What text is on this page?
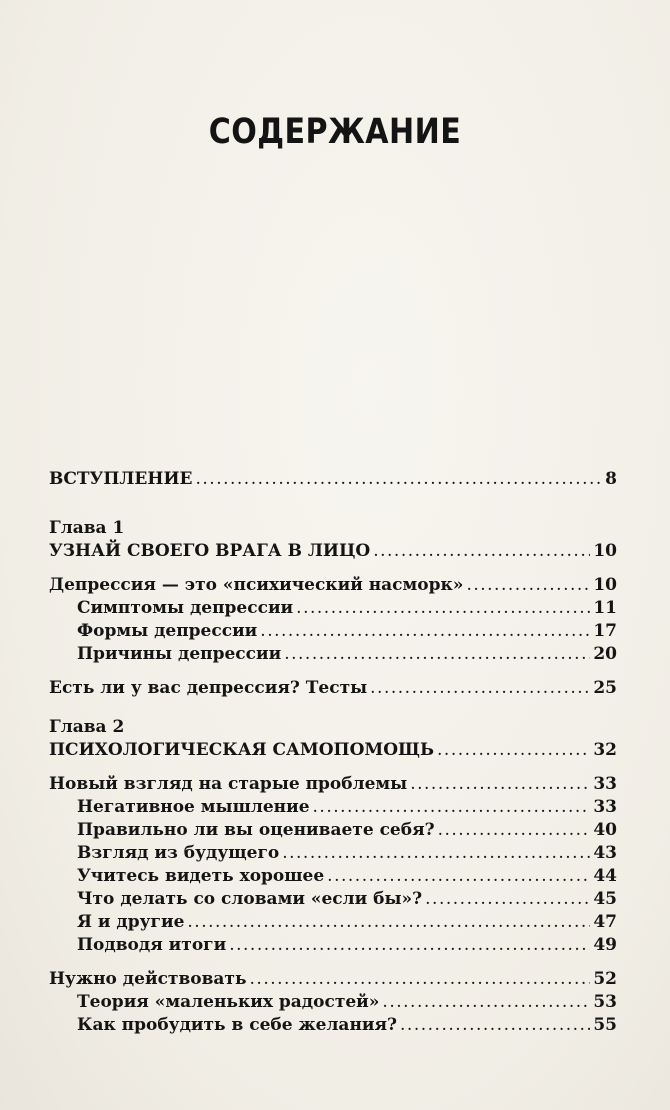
СОДЕРЖАНИЕ
ВСТУПЛЕНИЕ .....	8
Глава 1
УЗНАЙ СВОЕГО ВРАГА В ЛИЦО .....	10
Депрессия — это «психический насморк» .....	10
Симптомы депрессии .....	11
Формы депрессии .....	17
Причины депрессии .....	20
Есть ли у вас депрессия? Тесты .....	25
Глава 2
ПСИХОЛОГИЧЕСКАЯ САМОПОМОЩЬ .....	32
Новый взгляд на старые проблемы .....	33
Негативное мышление .....	33
Правильно ли вы оцениваете себя? .....	40
Взгляд из будущего .....	43
Учитесь видеть хорошее .....	44
Что делать со словами «если бы»? .....	45
Я и другие .....	47
Подводя итоги .....	49
Нужно действовать .....	52
Теория «маленьких радостей» .....	53
Как пробудить в себе желания? .....	55
